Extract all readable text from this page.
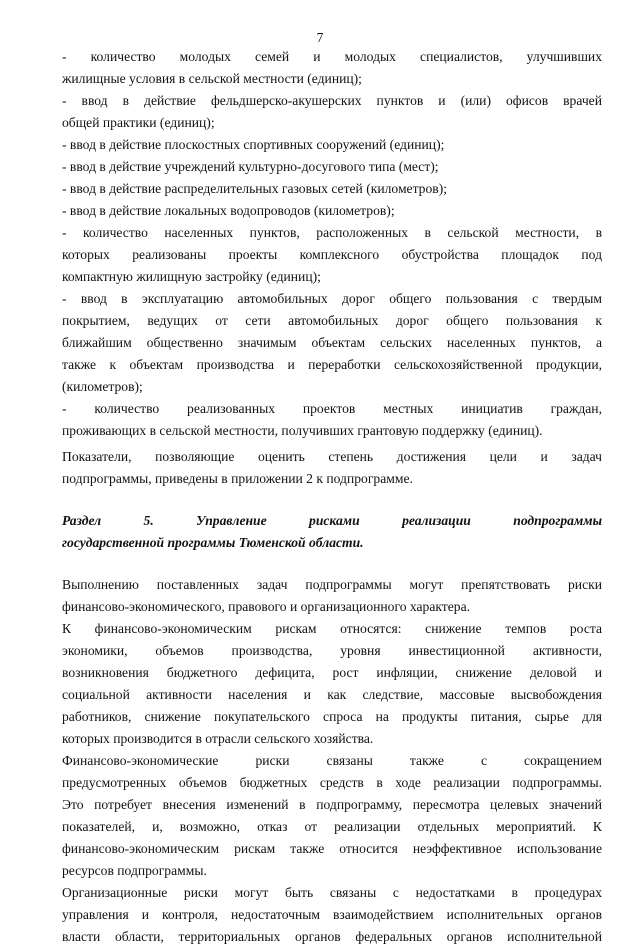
7
- количество молодых семей и молодых специалистов, улучшивших
жилищные условия в сельской местности (единиц);
- ввод в действие фельдшерско-акушерских пунктов и (или) офисов врачей
общей практики (единиц);
- ввод в действие плоскостных спортивных сооружений (единиц);
- ввод в действие учреждений культурно-досугового типа (мест);
- ввод в действие распределительных газовых сетей (километров);
- ввод в действие локальных водопроводов (километров);
- количество населенных пунктов, расположенных в сельской местности, в
которых реализованы проекты комплексного обустройства площадок под
компактную жилищную застройку (единиц);
- ввод в эксплуатацию автомобильных дорог общего пользования с твердым
покрытием, ведущих от сети автомобильных дорог общего пользования к
ближайшим общественно значимым объектам сельских населенных пунктов, а
также к объектам производства и переработки сельскохозяйственной продукции,
(километров);
- количество реализованных проектов местных инициатив граждан,
проживающих в сельской местности, получивших грантовую поддержку (единиц).
Показатели, позволяющие оценить степень достижения цели и задач
подпрограммы, приведены в приложении 2 к подпрограмме.
Раздел 5. Управление рисками реализации подпрограммы
государственной программы Тюменской области.
Выполнению поставленных задач подпрограммы могут препятствовать риски
финансово-экономического, правового и организационного характера.
К финансово-экономическим рискам относятся: снижение темпов роста
экономики, объемов производства, уровня инвестиционной активности,
возникновения бюджетного дефицита, рост инфляции, снижение деловой и
социальной активности населения и как следствие, массовые высвобождения
работников, снижение покупательского спроса на продукты питания, сырье для
которых производится в отрасли сельского хозяйства.
Финансово-экономические риски связаны также с сокращением
предусмотренных объемов бюджетных средств в ходе реализации подпрограммы.
Это потребует внесения изменений в подпрограмму, пересмотра целевых значений
показателей, и, возможно, отказ от реализации отдельных мероприятий. К
финансово-экономическим рискам также относится неэффективное использование
ресурсов подпрограммы.
Организационные риски могут быть связаны с недостатками в процедурах
управления и контроля, недостаточным взаимодействием исполнительных органов
власти области, территориальных органов федеральных органов исполнительной
